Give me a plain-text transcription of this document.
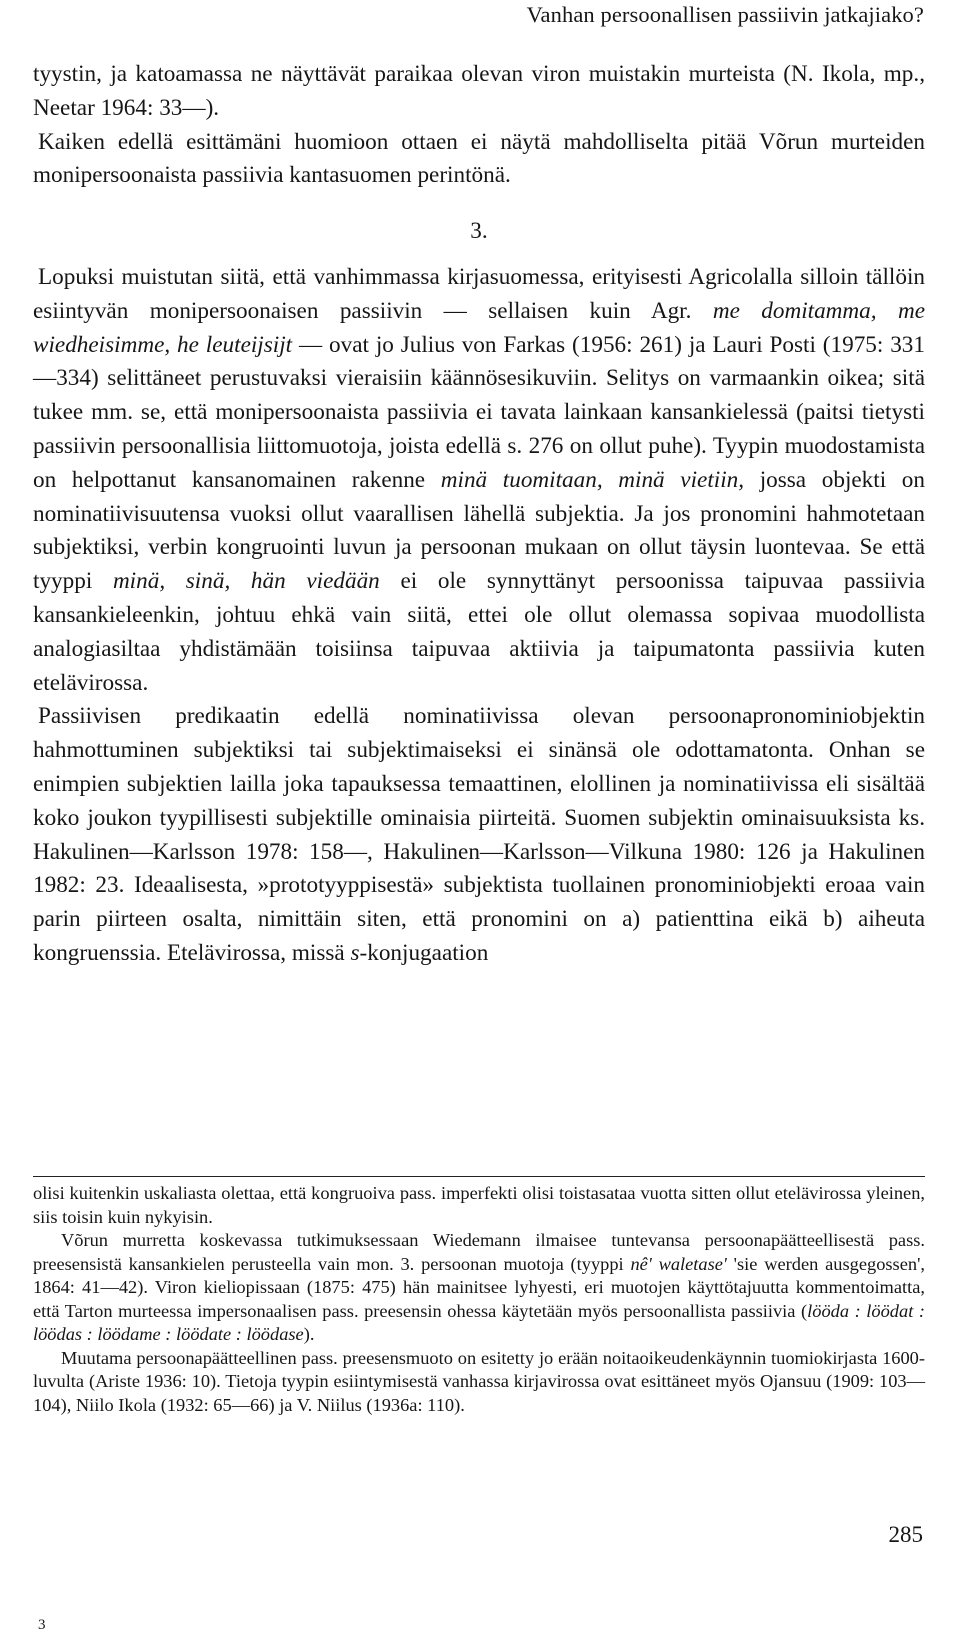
Vanhan persoonallisen passiivin jatkajiako?

tyystin, ja katoamassa ne näyttävät paraikaa olevan viron muistakin murteista (N. Ikola, mp., Neetar 1964: 33—).

Kaiken edellä esittämäni huomioon ottaen ei näytä mahdolliselta pitää Võrun murteiden monipersoonaista passiivia kantasuomen perintönä.

3.

Lopuksi muistutan siitä, että vanhimmassa kirjasuomessa, erityisesti Agricolalla silloin tällöin esiintyvän monipersoonaisen passiivin — sellaisen kuin Agr. me domitamma, me wiedheisimme, he leuteijsijt — ovat jo Julius von Farkas (1956: 261) ja Lauri Posti (1975: 331—334) selittäneet perustuvaksi vieraisiin käännösesikuviin. Selitys on varmaankin oikea; sitä tukee mm. se, että monipersoonaista passiivia ei tavata lainkaan kansankielessä (paitsi tietysti passiivin persoonallisia liittomuotoja, joista edellä s. 276 on ollut puhe). Tyypin muodostamista on helpottanut kansanomainen rakenne minä tuomitaan, minä vietiin, jossa objekti on nominatiivisuutensa vuoksi ollut vaarallisen lähellä subjektia. Ja jos pronomini hahmotetaan subjektiksi, verbin kongruointi luvun ja persoonan mukaan on ollut täysin luontevaa. Se että tyyppi minä, sinä, hän viedään ei ole synnyttänyt persoonissa taipuvaa passiivia kansankieleenkin, johtuu ehkä vain siitä, ettei ole ollut olemassa sopivaa muodollista analogiasiltaa yhdistämään toisiinsa taipuvaa aktiivia ja taipumatonta passiivia kuten etelävirossa.

Passiivisen predikaatin edellä nominatiivissa olevan persoonapronominiobjektin hahmottuminen subjektiksi tai subjektimaiseksi ei sinänsä ole odottamatonta. Onhan se enimpien subjektien lailla joka tapauksessa temaattinen, elollinen ja nominatiivissa eli sisältää koko joukon tyypillisesti subjektille ominaisia piirteitä. Suomen subjektin ominaisuuksista ks. Hakulinen—Karlsson 1978: 158—, Hakulinen—Karlsson—Vilkuna 1980: 126 ja Hakulinen 1982: 23. Ideaalisesta, »prototyyppisestä» subjektista tuollainen pronominiobjekti eroaa vain parin piirteen osalta, nimittäin siten, että pronomini on a) patienttina eikä b) aiheuta kongruenssia. Etelävirossa, missä s-konjugaation

olisi kuitenkin uskaliasta olettaa, että kongruoiva pass. imperfekti olisi toistasataa vuotta sitten ollut etelävirossa yleinen, siis toisin kuin nykyisin.

Võrun murretta koskevassa tutkimuksessaan Wiedemann ilmaisee tuntevansa persoonapäätteellisestä pass. preesensistä kansankielen perusteella vain mon. 3. persoonan muotoja (tyyppi nê' waletase' 'sie werden ausgegossen', 1864: 41—42). Viron kieliopissaan (1875: 475) hän mainitsee lyhyesti, eri muotojen käyttötajuutta kommentoimatta, että Tarton murteessa impersonaalisen pass. preesensin ohessa käytetään myös persoonallista passiivia (lööda : löödat : löödas : löödame : löödate : löödase).

Muutama persoonapäätteellinen pass. preesensmuoto on esitetty jo erään noitaoikeudenkäynnin tuomiokirjasta 1600-luvulta (Ariste 1936: 10). Tietoja tyypin esiintymisestä vanhassa kirjavirossa ovat esittäneet myös Ojansuu (1909: 103—104), Niilo Ikola (1932: 65—66) ja V. Niilus (1936a: 110).

285
3
